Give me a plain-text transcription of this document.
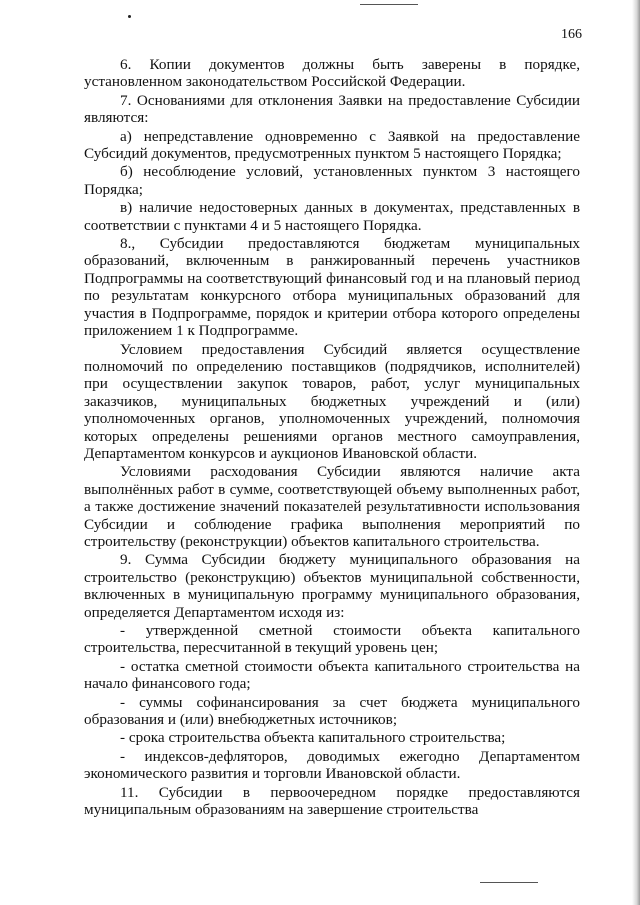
166

6. Копии документов должны быть заверены в порядке, установленном законодательством Российской Федерации.

7. Основаниями для отклонения Заявки на предоставление Субсидии являются:

а) непредставление одновременно с Заявкой на предоставление Субсидий документов, предусмотренных пунктом 5 настоящего Порядка;

б) несоблюдение условий, установленных пунктом 3 настоящего Порядка;

в) наличие недостоверных данных в документах, представленных в соответствии с пунктами 4 и 5 настоящего Порядка.

8., Субсидии предоставляются бюджетам муниципальных образований, включенным в ранжированный перечень участников Подпрограммы на соответствующий финансовый год и на плановый период по результатам конкурсного отбора муниципальных образований для участия в Подпрограмме, порядок и критерии отбора которого определены приложением 1 к Подпрограмме.

Условием предоставления Субсидий является осуществление полномочий по определению поставщиков (подрядчиков, исполнителей) при осуществлении закупок товаров, работ, услуг муниципальных заказчиков, муниципальных бюджетных учреждений и (или) уполномоченных органов, уполномоченных учреждений, полномочия которых определены решениями органов местного самоуправления, Департаментом конкурсов и аукционов Ивановской области.

Условиями расходования Субсидии являются наличие акта выполнённых работ в сумме, соответствующей объему выполненных работ, а также достижение значений показателей результативности использования Субсидии и соблюдение графика выполнения мероприятий по строительству (реконструкции) объектов капитального строительства.

9. Сумма Субсидии бюджету муниципального образования на строительство (реконструкцию) объектов муниципальной собственности, включенных в муниципальную программу муниципального образования, определяется Департаментом исходя из:

- утвержденной сметной стоимости объекта капитального строительства, пересчитанной в текущий уровень цен;

- остатка сметной стоимости объекта капитального строительства на начало финансового года;

- суммы софинансирования за счет бюджета муниципального образования и (или) внебюджетных источников;

- срока строительства объекта капитального строительства;

- индексов-дефляторов, доводимых ежегодно Департаментом экономического развития и торговли Ивановской области.

11. Субсидии в первоочередном порядке предоставляются муниципальным образованиям на завершение строительства
